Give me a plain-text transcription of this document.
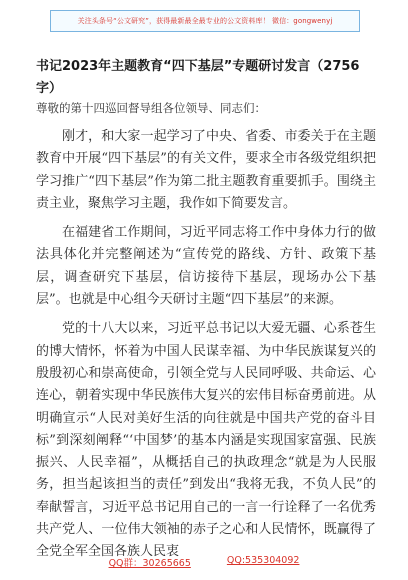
关注头条号“公文研究”，获得最新最全最专业的公文资料库！ 微信：gongwenyj
书记2023年主题教育“四下基层”专题研讨发言（2756字）

尊敬的第十四巡回督导组各位领导、同志们：

刚才，和大家一起学习了中央、省委、市委关于在主题教育中开展“四下基层”的有关文件，要求全市各级党组织把学习推广“四下基层”作为第二批主题教育重要抓手。围绕主责主业，聚焦学习主题，我作如下简要发言。

在福建省工作期间，习近平同志将工作中身体力行的做法具体化并完整阐述为“宣传党的路线、方针、政策下基层，调查研究下基层，信访接待下基层，现场办公下基层”。也就是中心组今天研讨主题“四下基层”的来源。

党的十八大以来，习近平总书记以大爱无疆、心系苍生的博大情怀，怀着为中国人民谋幸福、为中华民族谋复兴的殷殷初心和崇高使命，引领全党与人民同呼吸、共命运、心连心，朝着实现中华民族伟大复兴的宏伟目标奋勇前进。从明确宣示“人民对美好生活的向往就是中国共产党的奋斗目标”到深刻阐释“‘中国梦’的基本内涵是实现国家富强、民族振兴、人民幸福”，从概括自己的执政理念“就是为人民服务，担当起该担当的责任”到发出“我将无我，不负人民”的奉献誓言，习近平总书记用自己的一言一行诠释了一名优秀共产党人、一位伟大领袖的赤子之心和人民情怀，既赢得了全党全军全国各族人民衷

QQ群：30265665	QQ:535304092
